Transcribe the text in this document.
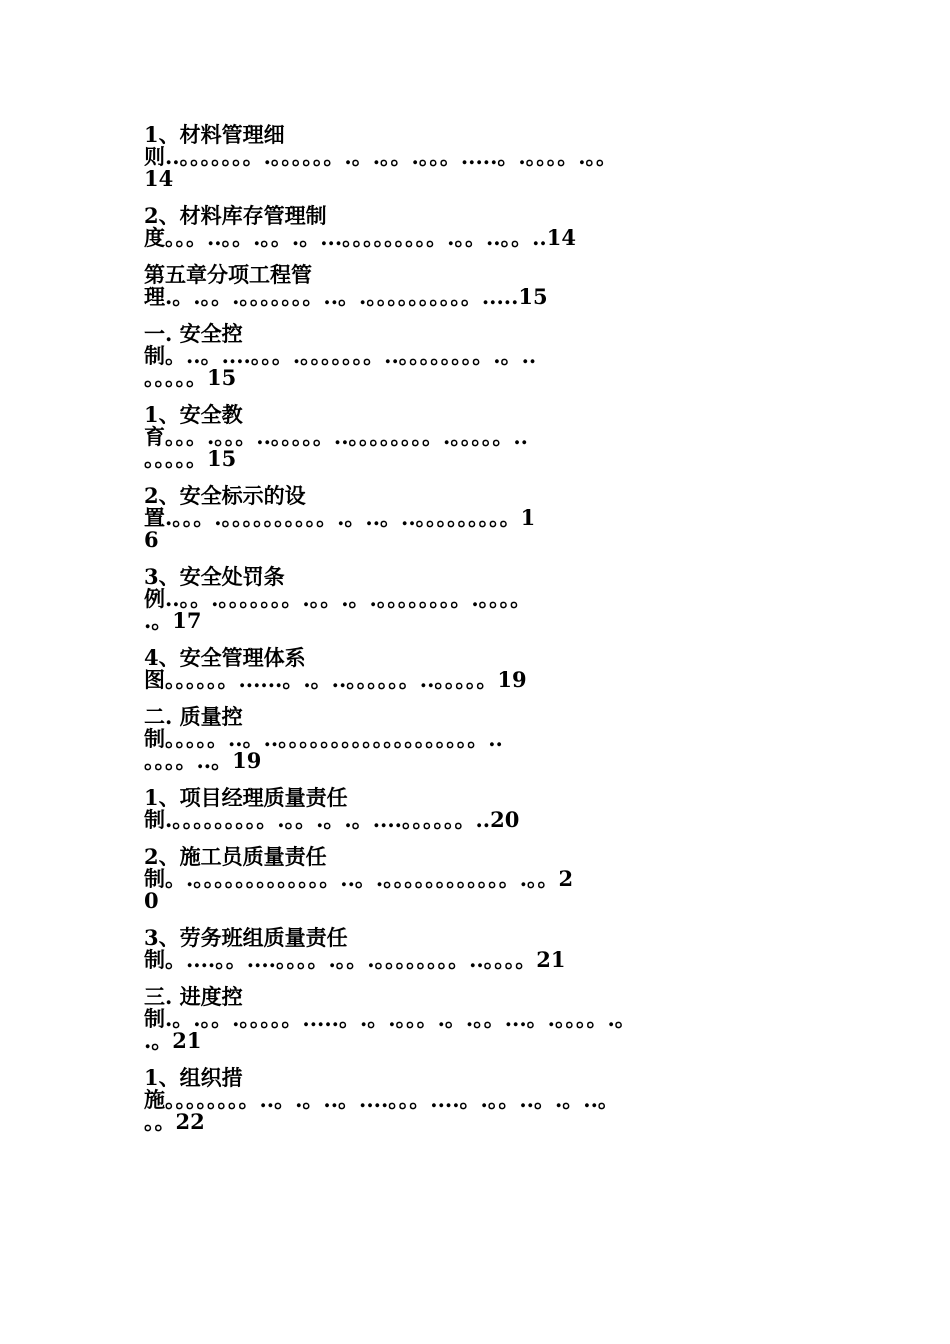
1、材料管理细
则..。。。。。。。.。。。。。。.。.。。.。。。.....。.。。。。.。。
14
2、材料库存管理制
度。。。..。。.。。.。...。。。。。。。。。.。。..。。..14
第五章分项工程管
理.。.。。.。。。。。。。..。.。。。。。。。。。。.....15
一. 安全控
制。..。....。。。.。。。。。。。..。。。。。。。。.。..
。。。。。15
1、安全教
育。。。.。。。..。。。。。..。。。。。。。。.。。。。。..
。。。。。15
2、安全标示的设
置.。。。.。。。。。。。。。。.。..。..。。。。。。。。。1
6
3、安全处罚条
例..。。.。。。。。。。.。。.。.。。。。。。。。.。。。。
.。17
4、安全管理体系
图。。。。。。......。.。..。。。。。。..。。。。。19
二. 质量控
制。。。。。..。..。。。。。。。。。。。。。。。。。。。..
。。。。..。19
1、项目经理质量责任
制.。。。。。。。。。.。。.。.。....。。。。。。..20
2、施工员质量责任
制。.。。。。。。。。。。。。。..。.。。。。。。。。。。。。.。。2
0
3、劳务班组质量责任
制。....。。....。。。。.。。.。。。。。。。。..。。。。21
三. 进度控
制.。.。。.。。。。。.....。.。.。。。.。.。。...。.。。。。.。
.。21
1、组织措
施。。。。。。。。..。.。..。....。。。....。.。。..。.。..。
。。22
